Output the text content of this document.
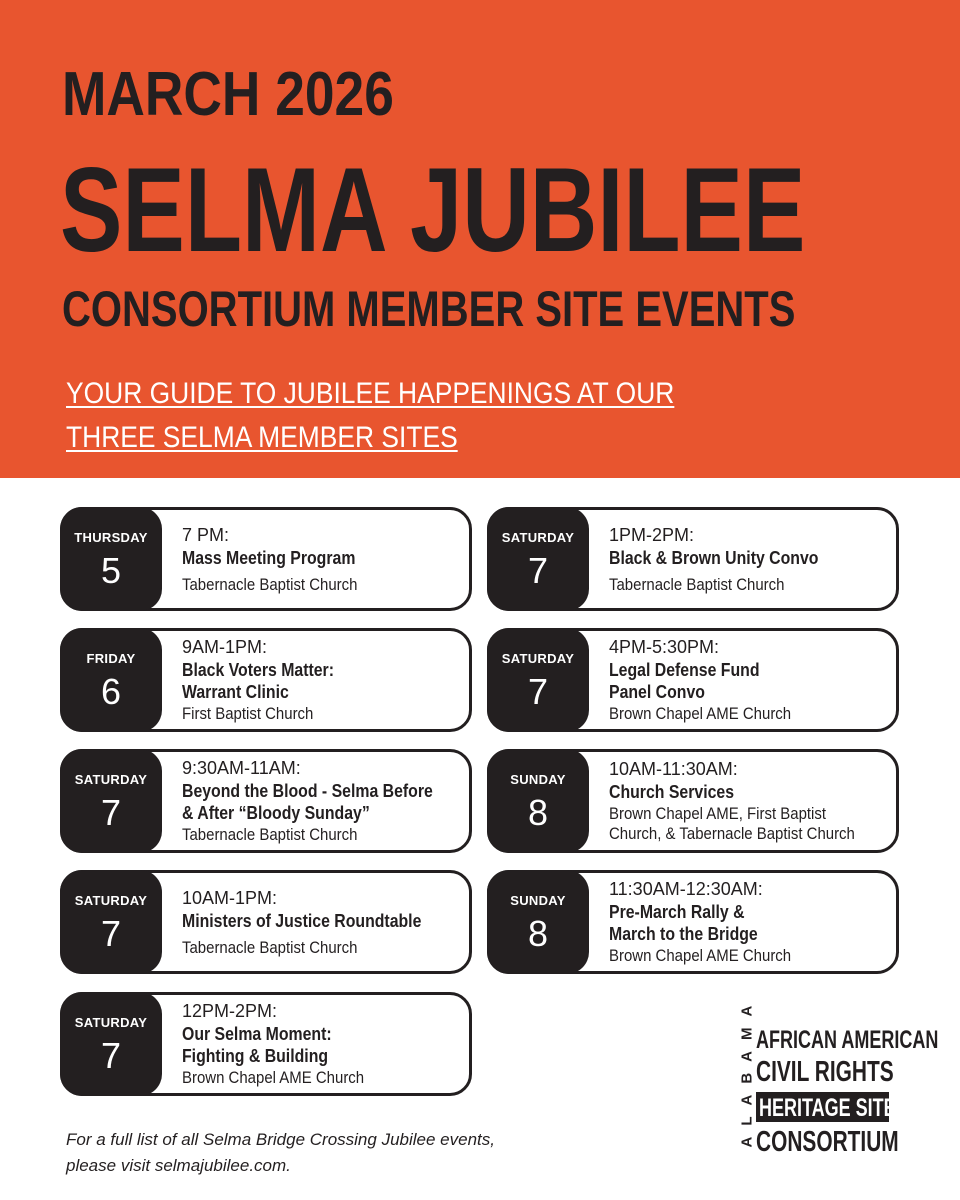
MARCH 2026
SELMA JUBILEE
CONSORTIUM MEMBER SITE EVENTS
YOUR GUIDE TO JUBILEE HAPPENINGS AT OUR
THREE SELMA MEMBER SITES
THURSDAY
5
7 PM:
Mass Meeting Program
Tabernacle Baptist Church
FRIDAY
6
9AM-1PM:
Black Voters Matter:
Warrant Clinic
First Baptist Church
SATURDAY
7
9:30AM-11AM:
Beyond the Blood - Selma Before
& After “Bloody Sunday”
Tabernacle Baptist Church
SATURDAY
7
10AM-1PM:
Ministers of Justice Roundtable
Tabernacle Baptist Church
SATURDAY
7
12PM-2PM:
Our Selma Moment:
Fighting & Building
Brown Chapel AME Church
SATURDAY
7
1PM-2PM:
Black & Brown Unity Convo
Tabernacle Baptist Church
SATURDAY
7
4PM-5:30PM:
Legal Defense Fund
Panel Convo
Brown Chapel AME Church
SUNDAY
8
10AM-11:30AM:
Church Services
Brown Chapel AME, First Baptist
Church, & Tabernacle Baptist Church
SUNDAY
8
11:30AM-12:30AM:
Pre-March Rally &
March to the Bridge
Brown Chapel AME Church
For a full list of all Selma Bridge Crossing Jubilee events,
please visit selmajubilee.com.
ALABAMA AFRICAN AMERICAN
CIVIL RIGHTS
HERITAGE SITES
CONSORTIUM
